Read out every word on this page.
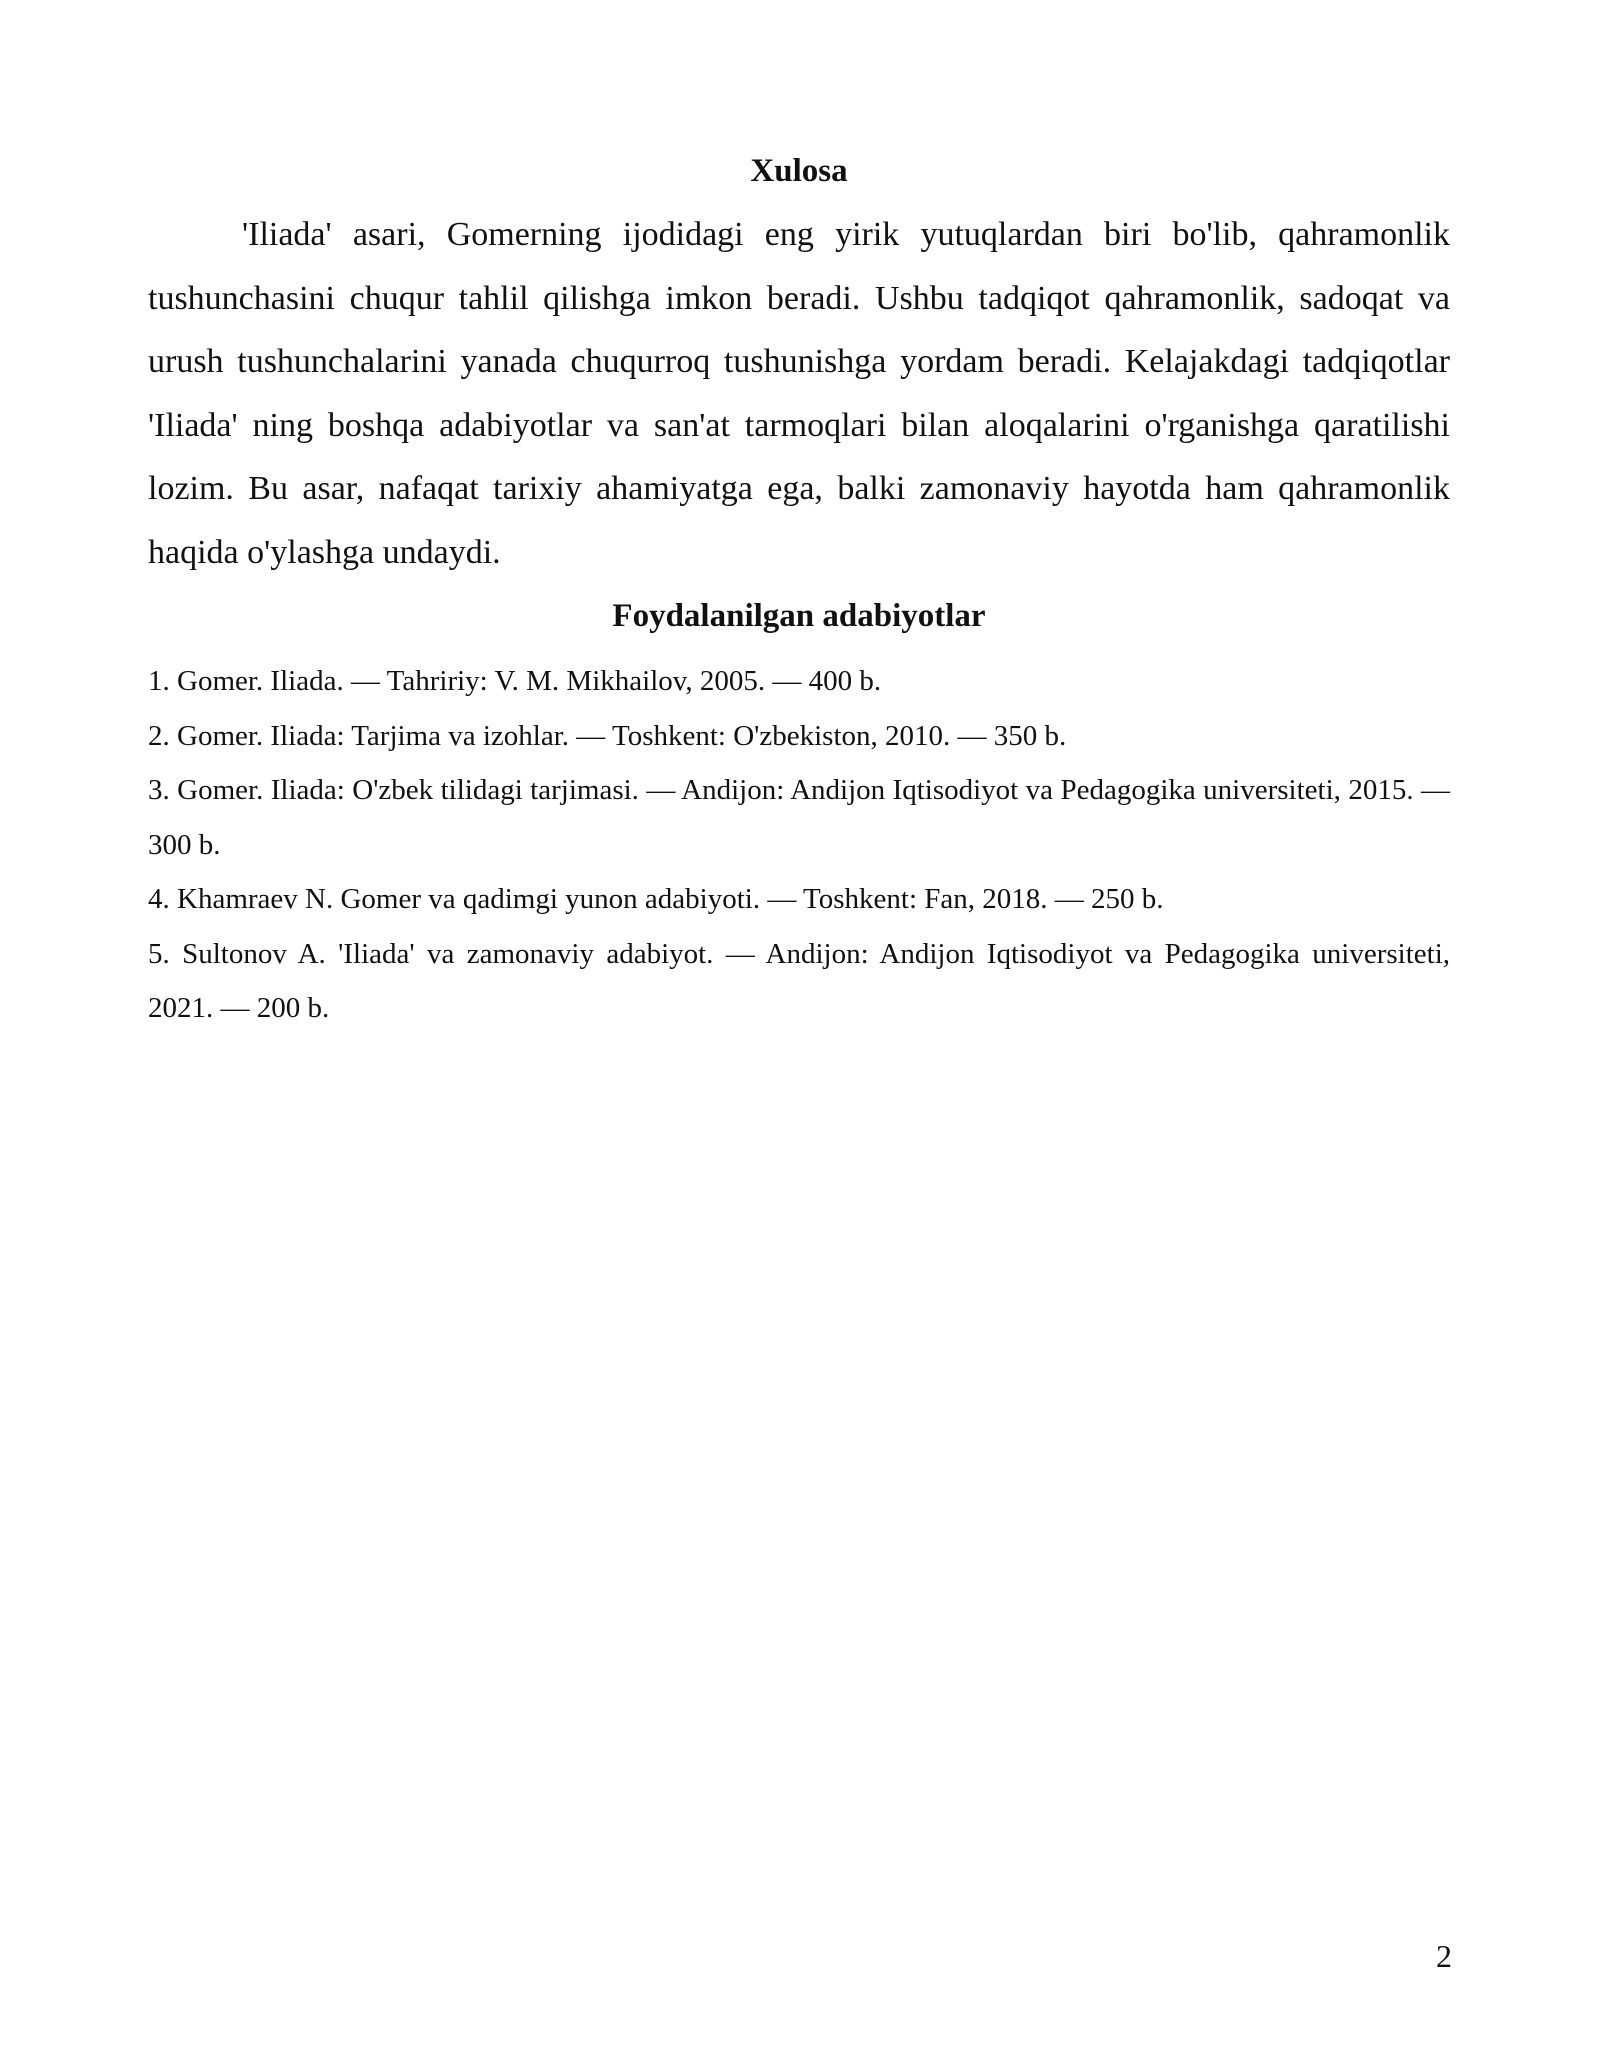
Xulosa

'Iliada' asari, Gomerning ijodidagi eng yirik yutuqlardan biri bo'lib, qahramonlik tushunchasini chuqur tahlil qilishga imkon beradi. Ushbu tadqiqot qahramonlik, sadoqat va urush tushunchalarini yanada chuqurroq tushunishga yordam beradi. Kelajakdagi tadqiqotlar 'Iliada' ning boshqa adabiyotlar va san'at tarmoqlari bilan aloqalarini o'rganishga qaratilishi lozim. Bu asar, nafaqat tarixiy ahamiyatga ega, balki zamonaviy hayotda ham qahramonlik haqida o'ylashga undaydi.

Foydalanilgan adabiyotlar
1. Gomer. Iliada. — Tahririy: V. M. Mikhailov, 2005. — 400 b.
2. Gomer. Iliada: Tarjima va izohlar. — Toshkent: O'zbekiston, 2010. — 350 b.
3. Gomer. Iliada: O'zbek tilidagi tarjimasi. — Andijon: Andijon Iqtisodiyot va Pedagogika universiteti, 2015. — 300 b.
4. Khamraev N. Gomer va qadimgi yunon adabiyoti. — Toshkent: Fan, 2018. — 250 b.
5. Sultonov A. 'Iliada' va zamonaviy adabiyot. — Andijon: Andijon Iqtisodiyot va Pedagogika universiteti, 2021. — 200 b.
2
